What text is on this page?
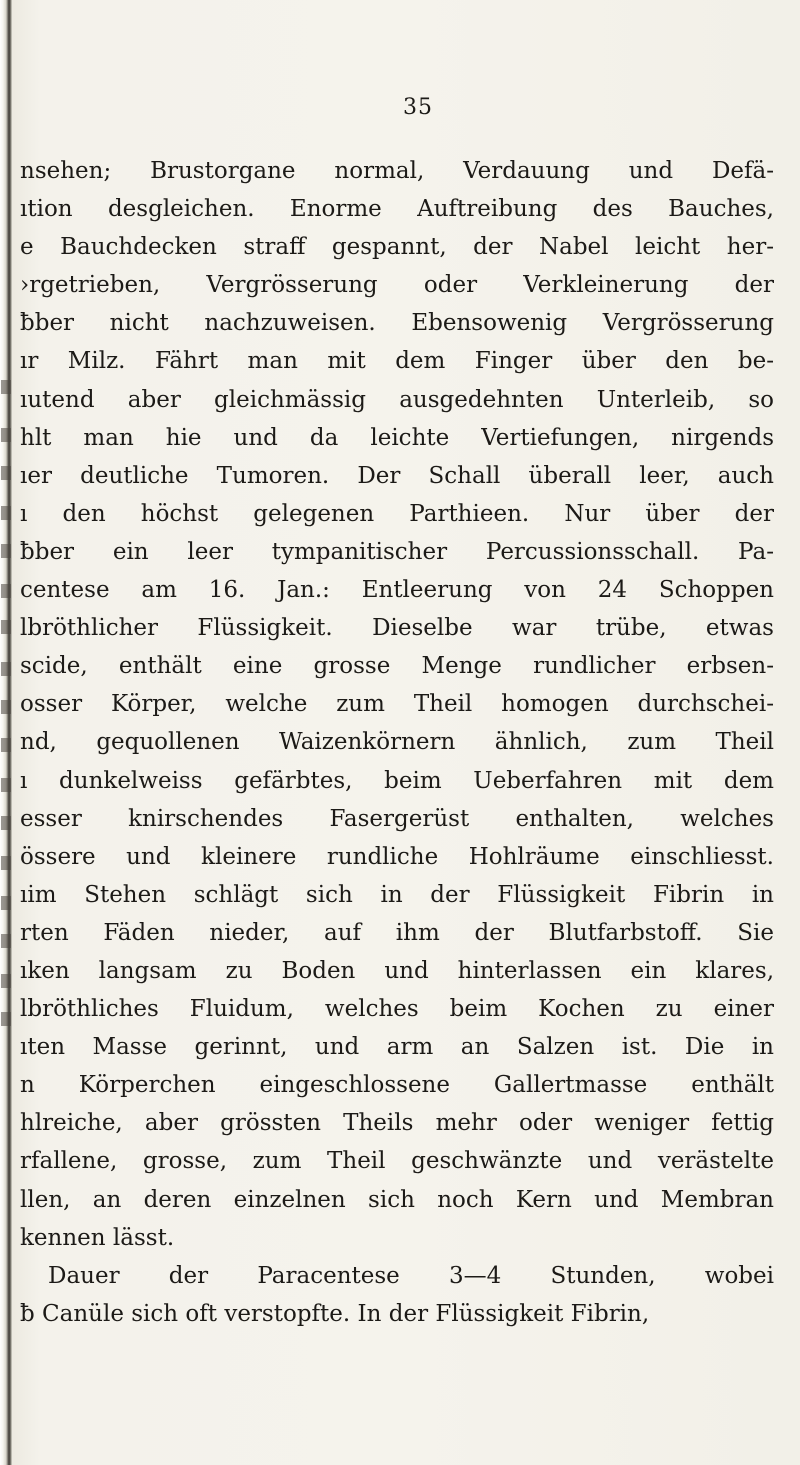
35
nsehen; Brustorgane normal, Verdauung und Defä-
ıtion desgleichen. Enorme Auftreibung des Bauches,
e Bauchdecken straff gespannt, der Nabel leicht her-
›rgetrieben, Vergrösserung oder Verkleinerung der
ƀber nicht nachzuweisen. Ebensowenig Vergrösserung
ır Milz. Fährt man mit dem Finger über den be-
ıutend aber gleichmässig ausgedehnten Unterleib, so
hlt man hie und da leichte Vertiefungen, nirgends
ıer deutliche Tumoren. Der Schall überall leer, auch
ı den höchst gelegenen Parthieen. Nur über der
ƀber ein leer tympanitischer Percussionsschall. Pa-
centese am 16. Jan.: Entleerung von 24 Schoppen
lbröthlicher Flüssigkeit. Dieselbe war trübe, etwas
scide, enthält eine grosse Menge rundlicher erbsen-
osser Körper, welche zum Theil homogen durchschei-
nd, gequollenen Waizenkörnern ähnlich, zum Theil
ı dunkelweiss gefärbtes, beim Ueberfahren mit dem
esser knirschendes Fasergerüst enthalten, welches
össere und kleinere rundliche Hohlräume einschliesst.
ıim Stehen schlägt sich in der Flüssigkeit Fibrin in
rten Fäden nieder, auf ihm der Blutfarbstoff. Sie
ıken langsam zu Boden und hinterlassen ein klares,
lbröthliches Fluidum, welches beim Kochen zu einer
ıten Masse gerinnt, und arm an Salzen ist. Die in
n Körperchen eingeschlossene Gallertmasse enthält
hlreiche, aber grössten Theils mehr oder weniger fettig
rfallene, grosse, zum Theil geschwänzte und verästelte
llen, an deren einzelnen sich noch Kern und Membran
kennen lässt.
Dauer der Paracentese 3—4 Stunden, wobei
ƀ Canüle sich oft verstopfte. In der Flüssigkeit Fibrin,
